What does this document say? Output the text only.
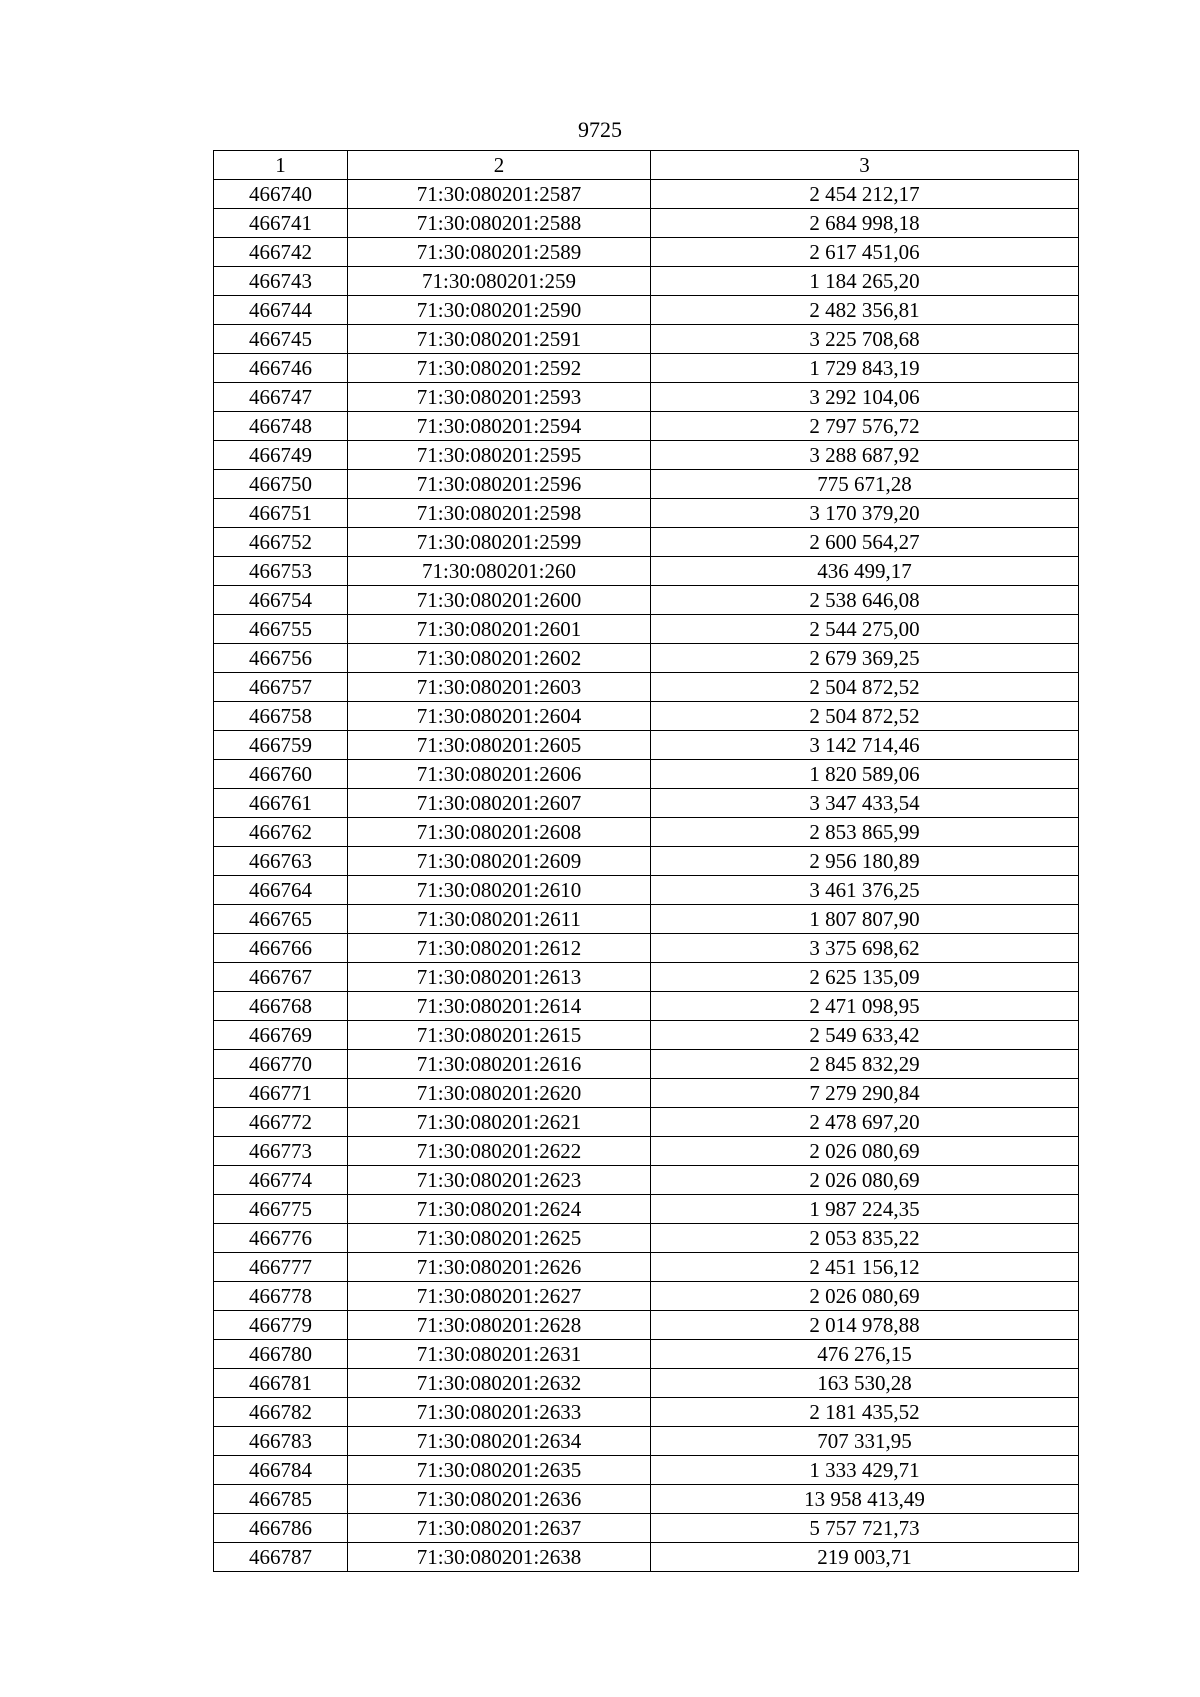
9725
1	2	3
466740	71:30:080201:2587	2 454 212,17
466741	71:30:080201:2588	2 684 998,18
466742	71:30:080201:2589	2 617 451,06
466743	71:30:080201:259	1 184 265,20
466744	71:30:080201:2590	2 482 356,81
466745	71:30:080201:2591	3 225 708,68
466746	71:30:080201:2592	1 729 843,19
466747	71:30:080201:2593	3 292 104,06
466748	71:30:080201:2594	2 797 576,72
466749	71:30:080201:2595	3 288 687,92
466750	71:30:080201:2596	775 671,28
466751	71:30:080201:2598	3 170 379,20
466752	71:30:080201:2599	2 600 564,27
466753	71:30:080201:260	436 499,17
466754	71:30:080201:2600	2 538 646,08
466755	71:30:080201:2601	2 544 275,00
466756	71:30:080201:2602	2 679 369,25
466757	71:30:080201:2603	2 504 872,52
466758	71:30:080201:2604	2 504 872,52
466759	71:30:080201:2605	3 142 714,46
466760	71:30:080201:2606	1 820 589,06
466761	71:30:080201:2607	3 347 433,54
466762	71:30:080201:2608	2 853 865,99
466763	71:30:080201:2609	2 956 180,89
466764	71:30:080201:2610	3 461 376,25
466765	71:30:080201:2611	1 807 807,90
466766	71:30:080201:2612	3 375 698,62
466767	71:30:080201:2613	2 625 135,09
466768	71:30:080201:2614	2 471 098,95
466769	71:30:080201:2615	2 549 633,42
466770	71:30:080201:2616	2 845 832,29
466771	71:30:080201:2620	7 279 290,84
466772	71:30:080201:2621	2 478 697,20
466773	71:30:080201:2622	2 026 080,69
466774	71:30:080201:2623	2 026 080,69
466775	71:30:080201:2624	1 987 224,35
466776	71:30:080201:2625	2 053 835,22
466777	71:30:080201:2626	2 451 156,12
466778	71:30:080201:2627	2 026 080,69
466779	71:30:080201:2628	2 014 978,88
466780	71:30:080201:2631	476 276,15
466781	71:30:080201:2632	163 530,28
466782	71:30:080201:2633	2 181 435,52
466783	71:30:080201:2634	707 331,95
466784	71:30:080201:2635	1 333 429,71
466785	71:30:080201:2636	13 958 413,49
466786	71:30:080201:2637	5 757 721,73
466787	71:30:080201:2638	219 003,71
